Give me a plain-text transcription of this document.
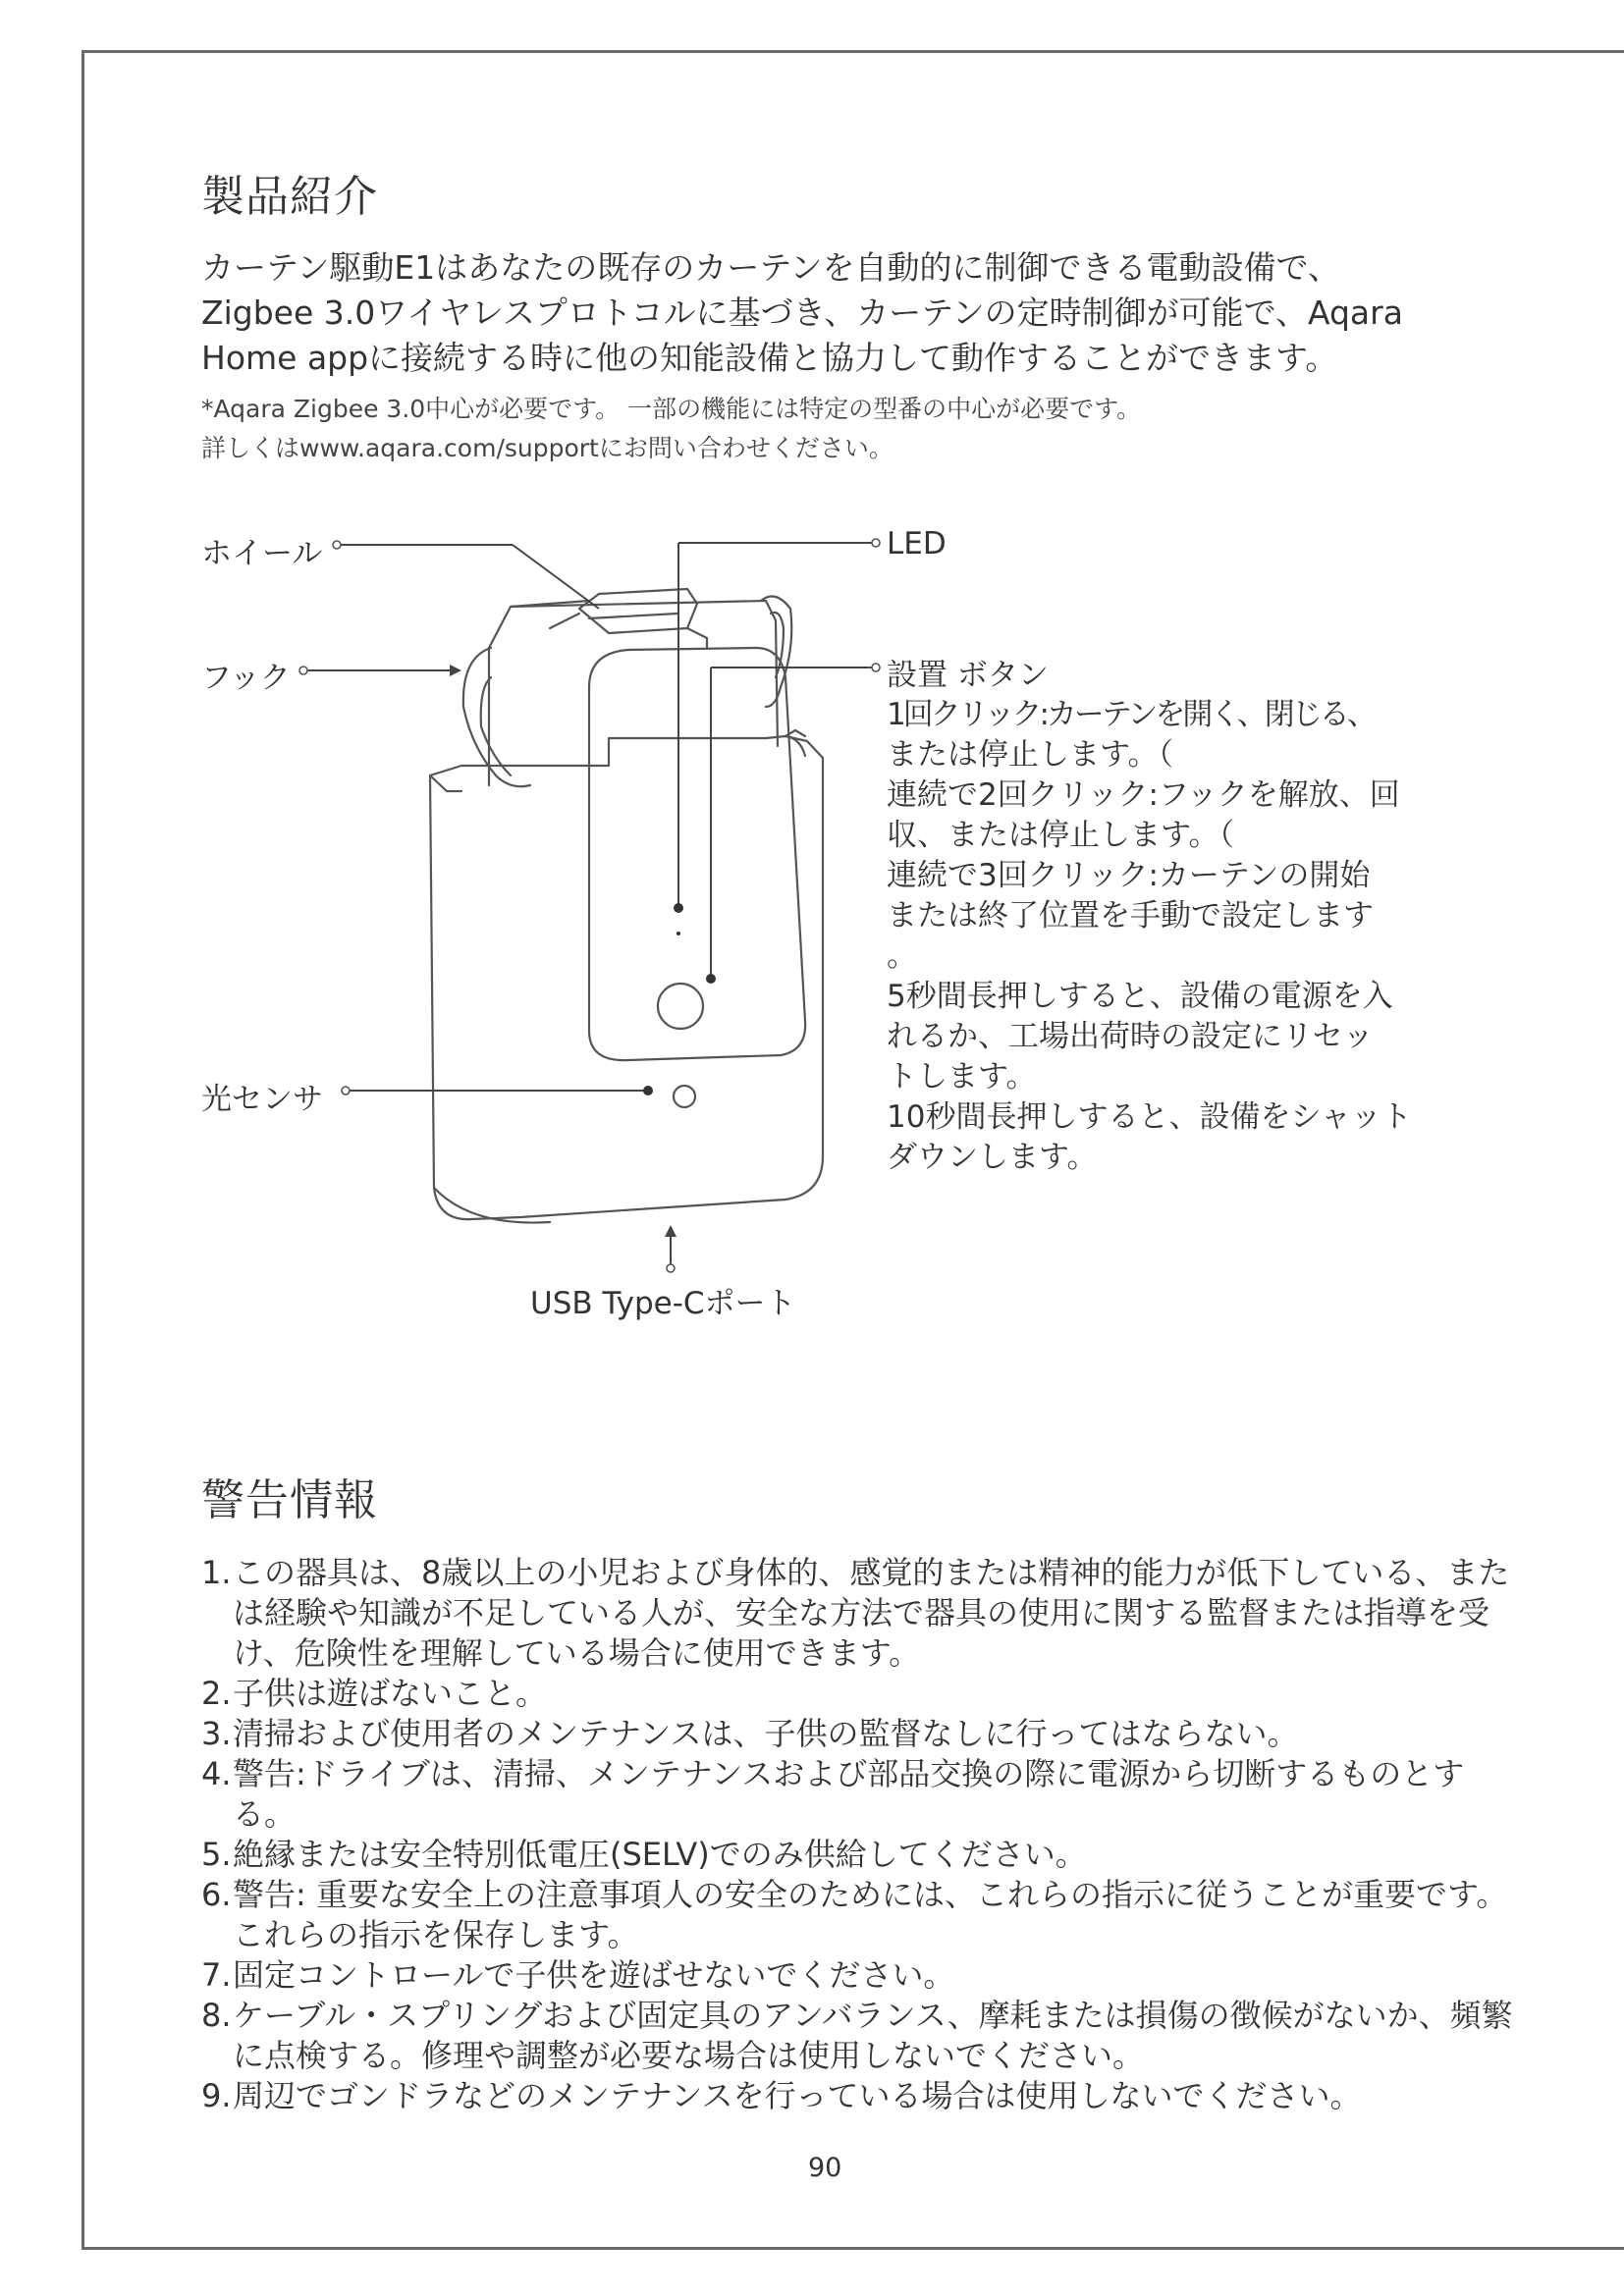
製品紹介
カーテン駆動E1はあなたの既存のカーテンを自動的に制御できる電動設備で、
Zigbee 3.0ワイヤレスプロトコルに基づき、カーテンの定時制御が可能で、Aqara
Home appに接続する時に他の知能設備と協力して動作することができます。
*Aqara Zigbee 3.0中心が必要です。 一部の機能には特定の型番の中心が必要です。
詳しくはwww.aqara.com/supportにお問い合わせください。
ホイール
フック
光センサ
LED
設置 ボタン
USB Type-Cポート
1回クリック:カーテンを開く、閉じる、
または停止します。（
連続で2回クリック:フックを解放、回
収、または停止します。（
連続で3回クリック:カーテンの開始
または終了位置を手動で設定します
。
5秒間長押しすると、設備の電源を入
れるか、工場出荷時の設定にリセッ
トします。
10秒間長押しすると、設備をシャット
ダウンします。
警告情報
1. この器具は、8歳以上の小児および身体的、感覚的または精神的能力が低下している、または経験や知識が不足している人が、安全な方法で器具の使用に関する監督または指導を受け、危険性を理解している場合に使用できます。
2. 子供は遊ばないこと。
3. 清掃および使用者のメンテナンスは、子供の監督なしに行ってはならない。
4. 警告:ドライブは、清掃、メンテナンスおよび部品交換の際に電源から切断するものとする。
5. 絶縁または安全特別低電圧(SELV)でのみ供給してください。
6. 警告: 重要な安全上の注意事項人の安全のためには、これらの指示に従うことが重要です。これらの指示を保存します。
7. 固定コントロールで子供を遊ばせないでください。
8. ケーブル・スプリングおよび固定具のアンバランス、摩耗または損傷の徴候がないか、頻繁に点検する。修理や調整が必要な場合は使用しないでください。
9. 周辺でゴンドラなどのメンテナンスを行っている場合は使用しないでください。
90
